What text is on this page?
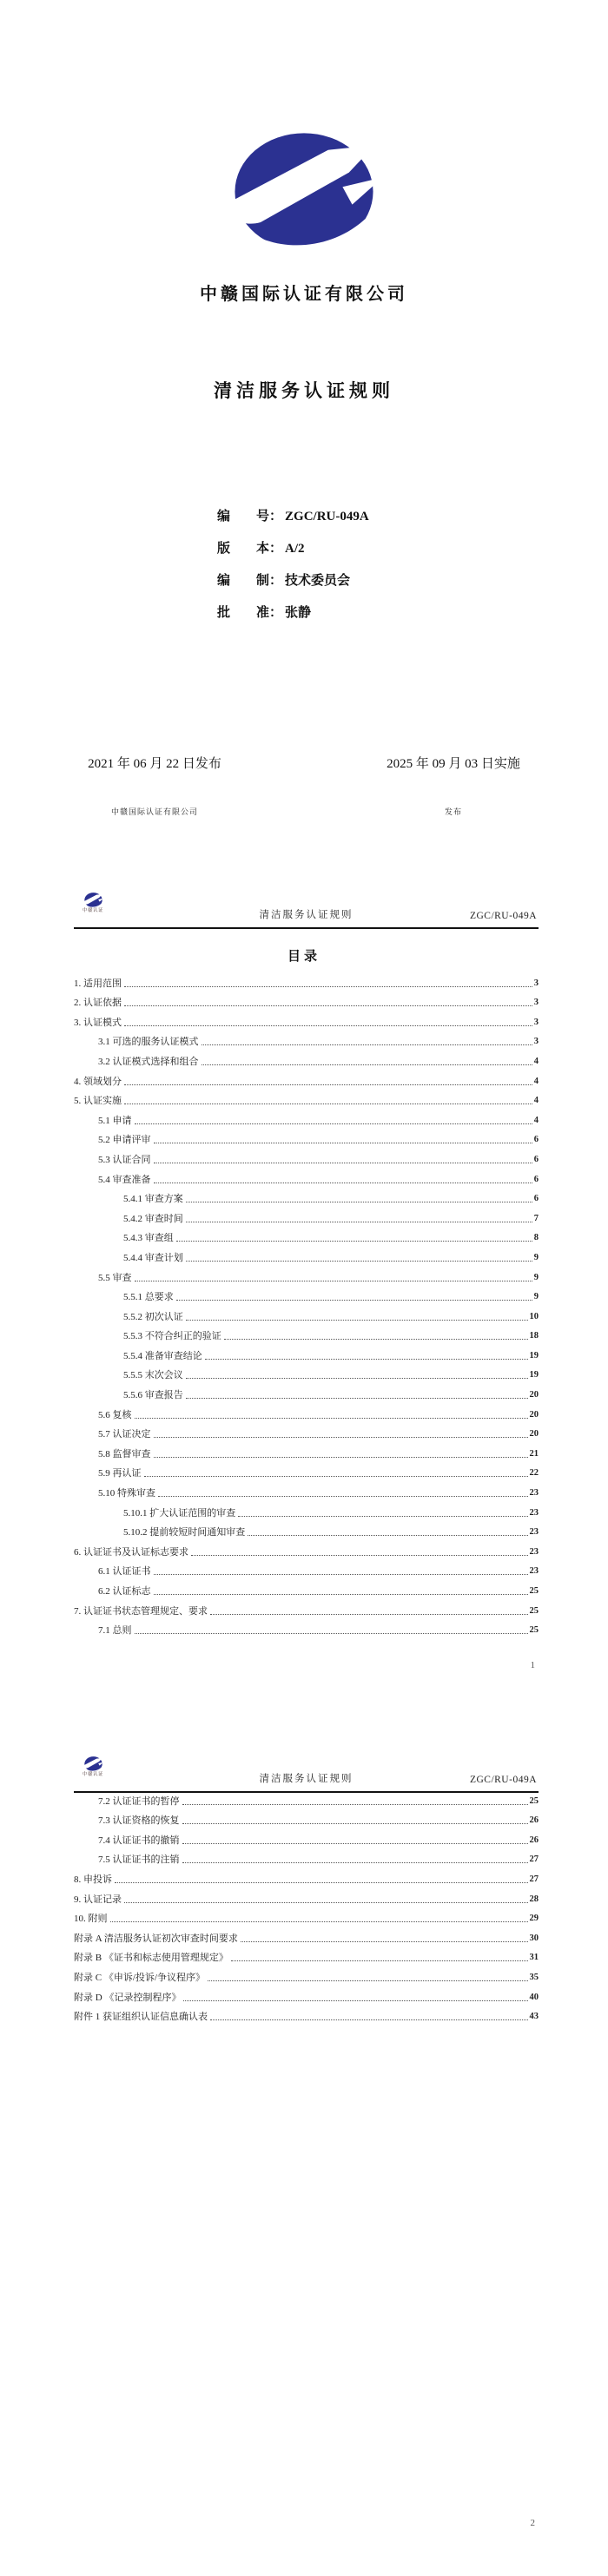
中赣国际认证有限公司
清洁服务认证规则
编　　号： ZGC/RU-049A
版　　本： A/2
编　　制： 技术委员会
批　　准： 张静
2021 年 06 月 22 日发布	2025 年 09 月 03 日实施
中赣国际认证有限公司	发布
中赣认证	清洁服务认证规则	ZGC/RU-049A
目录
1. 适用范围	3
2. 认证依据	3
3. 认证模式	3
3.1 可选的服务认证模式	3
3.2 认证模式选择和组合	4
4. 领域划分	4
5. 认证实施	4
5.1 申请	4
5.2 申请评审	6
5.3 认证合同	6
5.4 审查准备	6
5.4.1 审查方案	6
5.4.2 审查时间	7
5.4.3 审查组	8
5.4.4 审查计划	9
5.5 审查	9
5.5.1 总要求	9
5.5.2 初次认证	10
5.5.3 不符合纠正的验证	18
5.5.4 准备审查结论	19
5.5.5 末次会议	19
5.5.6 审查报告	20
5.6 复核	20
5.7 认证决定	20
5.8 监督审查	21
5.9 再认证	22
5.10 特殊审查	23
5.10.1 扩大认证范围的审查	23
5.10.2 提前较短时间通知审查	23
6. 认证证书及认证标志要求	23
6.1 认证证书	23
6.2 认证标志	25
7. 认证证书状态管理规定、要求	25
7.1 总则	25
1
中赣认证	清洁服务认证规则	ZGC/RU-049A
7.2 认证证书的暂停	25
7.3 认证资格的恢复	26
7.4 认证证书的撤销	26
7.5 认证证书的注销	27
8. 申投诉	27
9. 认证记录	28
10. 附则	29
附录 A 清洁服务认证初次审查时间要求	30
附录 B 《证书和标志使用管理规定》	31
附录 C 《申诉/投诉/争议程序》	35
附录 D 《记录控制程序》	40
附件 1 获证组织认证信息确认表	43
2
